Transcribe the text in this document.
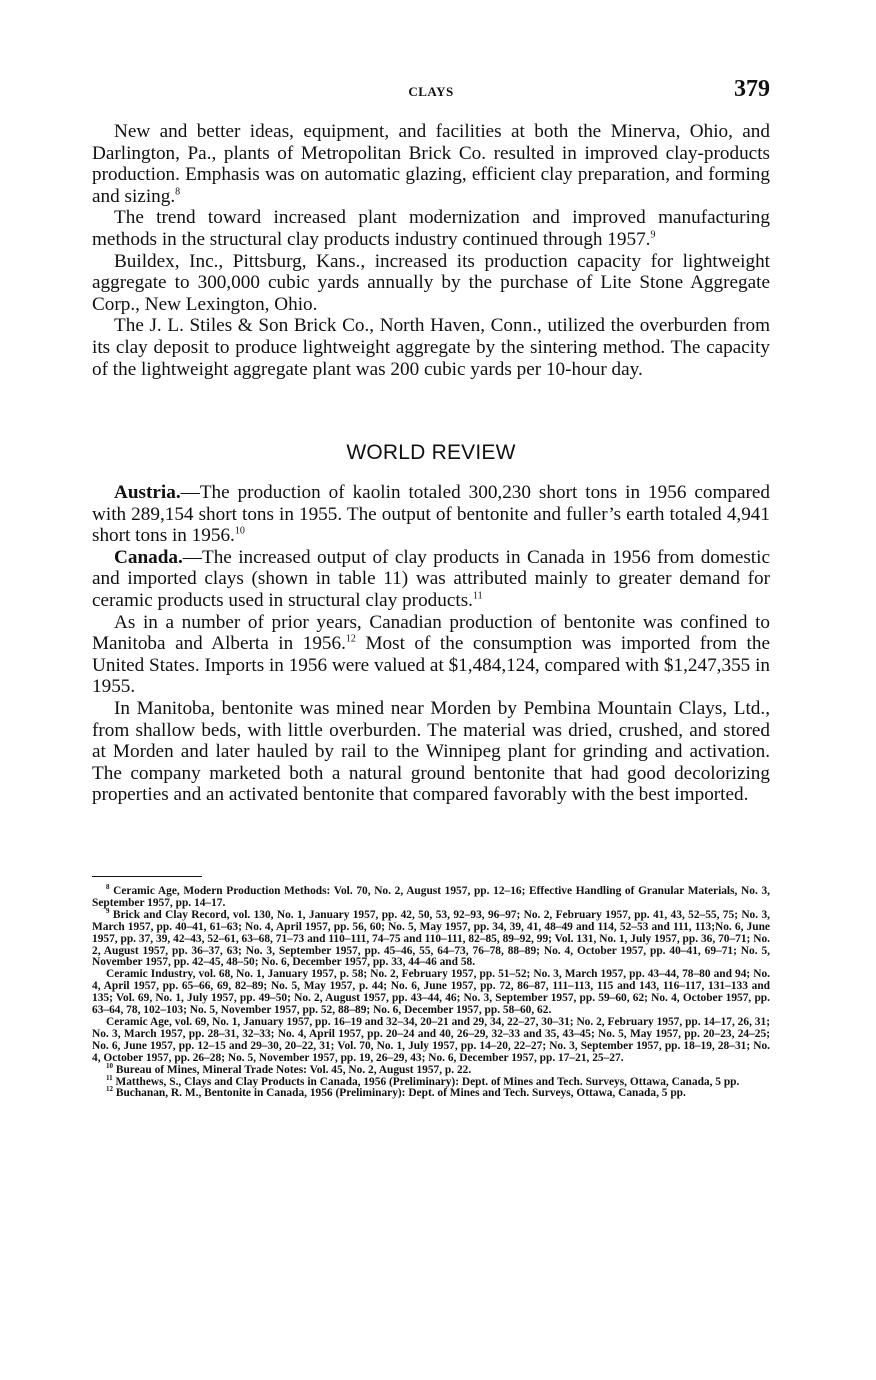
CLAYS	379

New and better ideas, equipment, and facilities at both the Minerva, Ohio, and Darlington, Pa., plants of Metropolitan Brick Co. resulted in improved clay-products production. Emphasis was on automatic glazing, efficient clay preparation, and forming and sizing.$^8$

The trend toward increased plant modernization and improved manufacturing methods in the structural clay products industry continued through 1957.$^9$

Buildex, Inc., Pittsburg, Kans., increased its production capacity for lightweight aggregate to 300,000 cubic yards annually by the purchase of Lite Stone Aggregate Corp., New Lexington, Ohio.

The J. L. Stiles & Son Brick Co., North Haven, Conn., utilized the overburden from its clay deposit to produce lightweight aggregate by the sintering method. The capacity of the lightweight aggregate plant was 200 cubic yards per 10-hour day.

WORLD REVIEW

Austria.—The production of kaolin totaled 300,230 short tons in 1956 compared with 289,154 short tons in 1955. The output of bentonite and fuller’s earth totaled 4,941 short tons in 1956.10

Canada.—The increased output of clay products in Canada in 1956 from domestic and imported clays (shown in table 11) was attributed mainly to greater demand for ceramic products used in structural clay products.$^{11}$

As in a number of prior years, Canadian production of bentonite was confined to Manitoba and Alberta in 1956.12 Most of the consumption was imported from the United States. Imports in 1956 were valued at $1,484,124, compared with $1,247,355 in 1955.

In Manitoba, bentonite was mined near Morden by Pembina Mountain Clays, Ltd., from shallow beds, with little overburden. The material was dried, crushed, and stored at Morden and later hauled by rail to the Winnipeg plant for grinding and activation. The company marketed both a natural ground bentonite that had good decolorizing properties and an activated bentonite that compared favorably with the best imported.

$^8$ Ceramic Age, Modern Production Methods: Vol. 70, No. 2, August 1957, pp. 12–16; Effective Handling of Granular Materials, No. 3, September 1957, pp. 14–17.

$^9$ Brick and Clay Record, vol. 130, No. 1, January 1957, pp. 42, 50, 53, 92–93, 96–97; No. 2, February 1957, pp. 41, 43, 52–55, 75; No. 3, March 1957, pp. 40–41, 61–63; No. 4, April 1957, pp. 56, 60; No. 5, May 1957, pp. 34, 39, 41, 48–49 and 114, 52–53 and 111, 113;No. 6, June 1957, pp. 37, 39, 42–43, 52–61, 63–68, 71–73 and 110–111, 74–75 and 110–111, 82–85, 89–92, 99; Vol. 131, No. 1, July 1957, pp. 36, 70–71; No. 2, August 1957, pp. 36–37, 63; No. 3, September 1957, pp. 45–46, 55, 64–73, 76–78, 88–89; No. 4, October 1957, pp. 40–41, 69–71; No. 5, November 1957, pp. 42–45, 48–50; No. 6, December 1957, pp. 33, 44–46 and 58.

Ceramic Industry, vol. 68, No. 1, January 1957, p. 58; No. 2, February 1957, pp. 51–52; No. 3, March 1957, pp. 43–44, 78–80 and 94; No. 4, April 1957, pp. 65–66, 69, 82–89; No. 5, May 1957, p. 44; No. 6, June 1957, pp. 72, 86–87, 111–113, 115 and 143, 116–117, 131–133 and 135; Vol. 69, No. 1, July 1957, pp. 49–50; No. 2, August 1957, pp. 43–44, 46; No. 3, September 1957, pp. 59–60, 62; No. 4, October 1957, pp. 63–64, 78, 102–103; No. 5, November 1957, pp. 52, 88–89; No. 6, December 1957, pp. 58–60, 62.

Ceramic Age, vol. 69, No. 1, January 1957, pp. 16–19 and 32–34, 20–21 and 29, 34, 22–27, 30–31; No. 2, February 1957, pp. 14–17, 26, 31; No. 3, March 1957, pp. 28–31, 32–33; No. 4, April 1957, pp. 20–24 and 40, 26–29, 32–33 and 35, 43–45; No. 5, May 1957, pp. 20–23, 24–25; No. 6, June 1957, pp. 12–15 and 29–30, 20–22, 31; Vol. 70, No. 1, July 1957, pp. 14–20, 22–27; No. 3, September 1957, pp. 18–19, 28–31; No. 4, October 1957, pp. 26–28; No. 5, November 1957, pp. 19, 26–29, 43; No. 6, December 1957, pp. 17–21, 25–27.

$^{10}$ Bureau of Mines, Mineral Trade Notes: Vol. 45, No. 2, August 1957, p. 22.

$^{11}$ Matthews, S., Clays and Clay Products in Canada, 1956 (Preliminary): Dept. of Mines and Tech. Surveys, Ottawa, Canada, 5 pp.

$^{12}$ Buchanan, R. M., Bentonite in Canada, 1956 (Preliminary): Dept. of Mines and Tech. Surveys, Ottawa, Canada, 5 pp.
